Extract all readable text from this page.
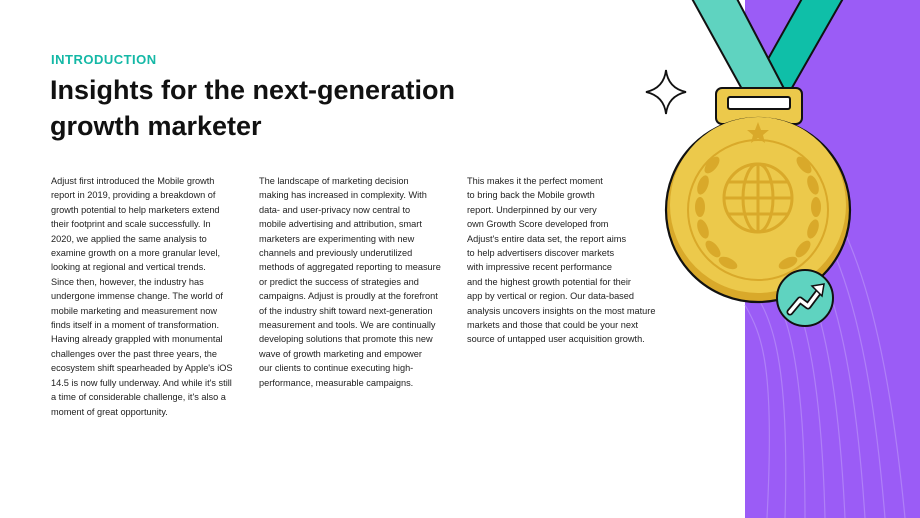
INTRODUCTION
Insights for the next-generation growth marketer

Adjust first introduced the Mobile growth
report in 2019, providing a breakdown of
growth potential to help marketers extend
their footprint and scale successfully. In
2020, we applied the same analysis to
examine growth on a more granular level,
looking at regional and vertical trends.
Since then, however, the industry has
undergone immense change. The world of
mobile marketing and measurement now
finds itself in a moment of transformation.
Having already grappled with monumental
challenges over the past three years, the
ecosystem shift spearheaded by Apple's iOS
14.5 is now fully underway. And while it's still
a time of considerable challenge, it's also a
moment of great opportunity.

The landscape of marketing decision
making has increased in complexity. With
data- and user-privacy now central to
mobile advertising and attribution, smart
marketers are experimenting with new
channels and previously underutilized
methods of aggregated reporting to measure
or predict the success of strategies and
campaigns. Adjust is proudly at the forefront
of the industry shift toward next-generation
measurement and tools. We are continually
developing solutions that promote this new
wave of growth marketing and empower
our clients to continue executing high-
performance, measurable campaigns.

This makes it the perfect moment
to bring back the Mobile growth
report. Underpinned by our very
own Growth Score developed from
Adjust's entire data set, the report aims
to help advertisers discover markets
with impressive recent performance
and the highest growth potential for their
app by vertical or region. Our data-based
analysis uncovers insights on the most mature
markets and those that could be your next
source of untapped user acquisition growth.
